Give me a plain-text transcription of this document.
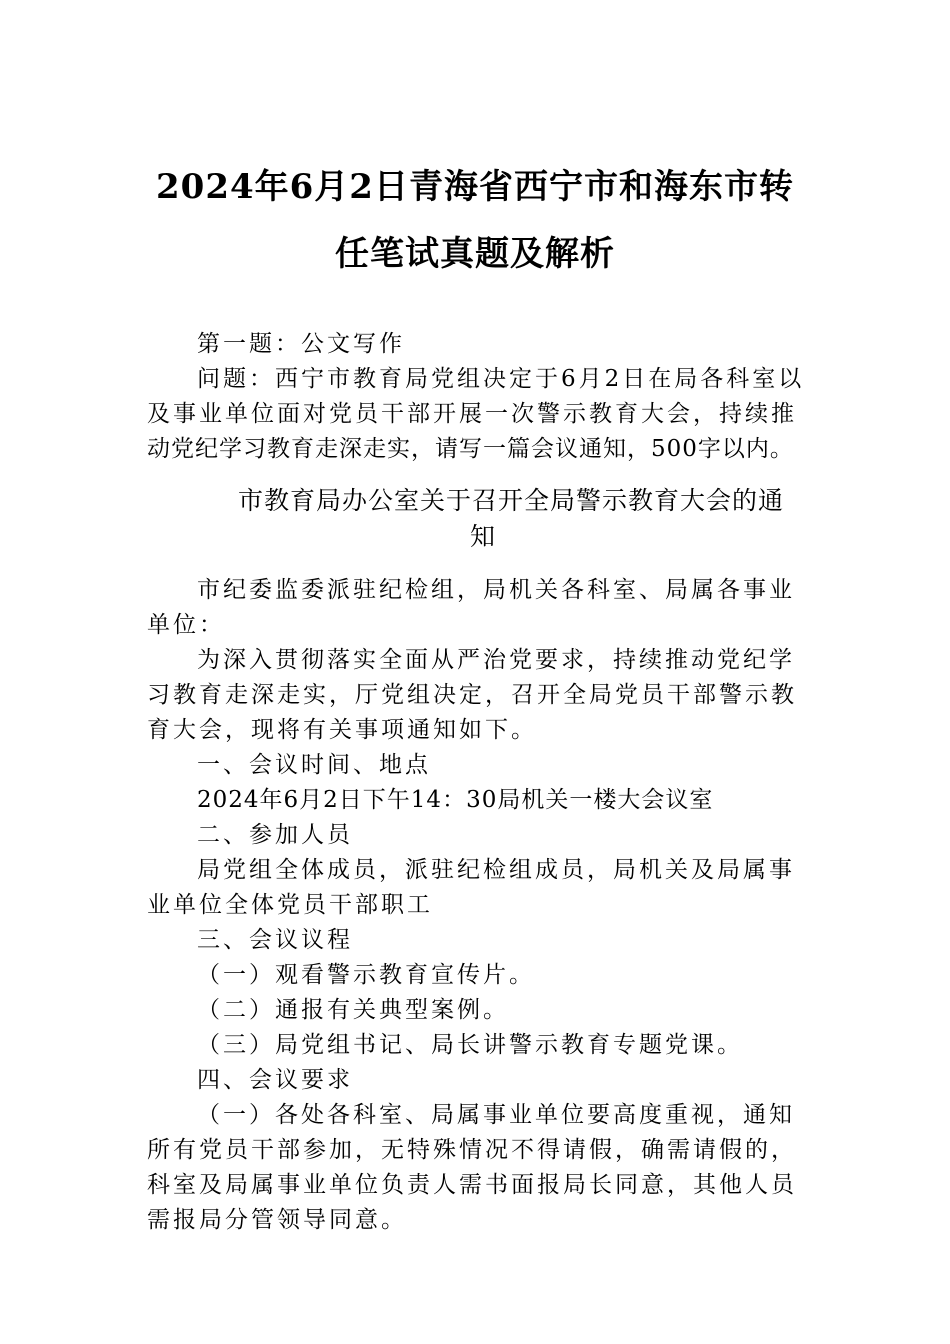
2024年6月2日青海省西宁市和海东市转
任笔试真题及解析
第一题：公文写作
问题：西宁市教育局党组决定于6月2日在局各科室以
及事业单位面对党员干部开展一次警示教育大会，持续推
动党纪学习教育走深走实，请写一篇会议通知，500字以内。
市教育局办公室关于召开全局警示教育大会的通
知
市纪委监委派驻纪检组，局机关各科室、局属各事业
单位：
为深入贯彻落实全面从严治党要求，持续推动党纪学
习教育走深走实，厅党组决定，召开全局党员干部警示教
育大会，现将有关事项通知如下。
一、会议时间、地点
2024年6月2日下午14：30局机关一楼大会议室
二、参加人员
局党组全体成员，派驻纪检组成员，局机关及局属事
业单位全体党员干部职工
三、会议议程
（一）观看警示教育宣传片。
（二）通报有关典型案例。
（三）局党组书记、局长讲警示教育专题党课。
四、会议要求
（一）各处各科室、局属事业单位要高度重视，通知
所有党员干部参加，无特殊情况不得请假，确需请假的，
科室及局属事业单位负责人需书面报局长同意，其他人员
需报局分管领导同意。
